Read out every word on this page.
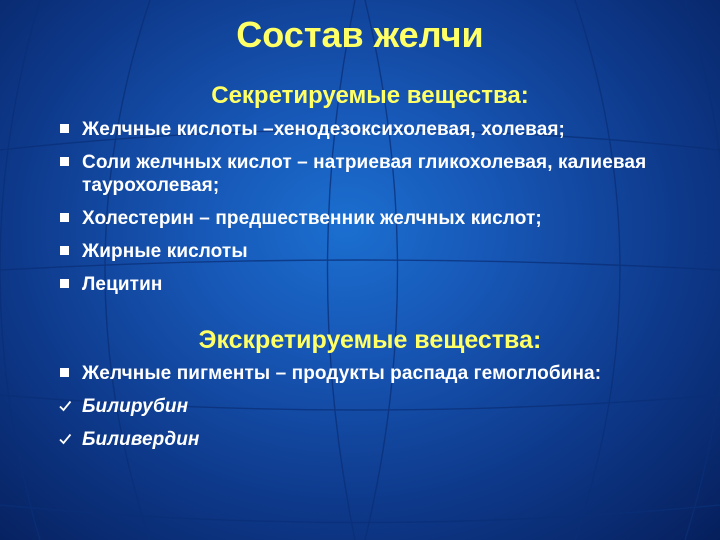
Состав желчи
Секретируемые вещества:
Желчные кислоты –хенодезоксихолевая, холевая;
Соли желчных кислот – натриевая гликохолевая, калиевая таурохолевая;
Холестерин – предшественник желчных кислот;
Жирные кислоты
Лецитин
Экскретируемые вещества:
Желчные пигменты – продукты распада гемоглобина:
Билирубин
Биливердин
